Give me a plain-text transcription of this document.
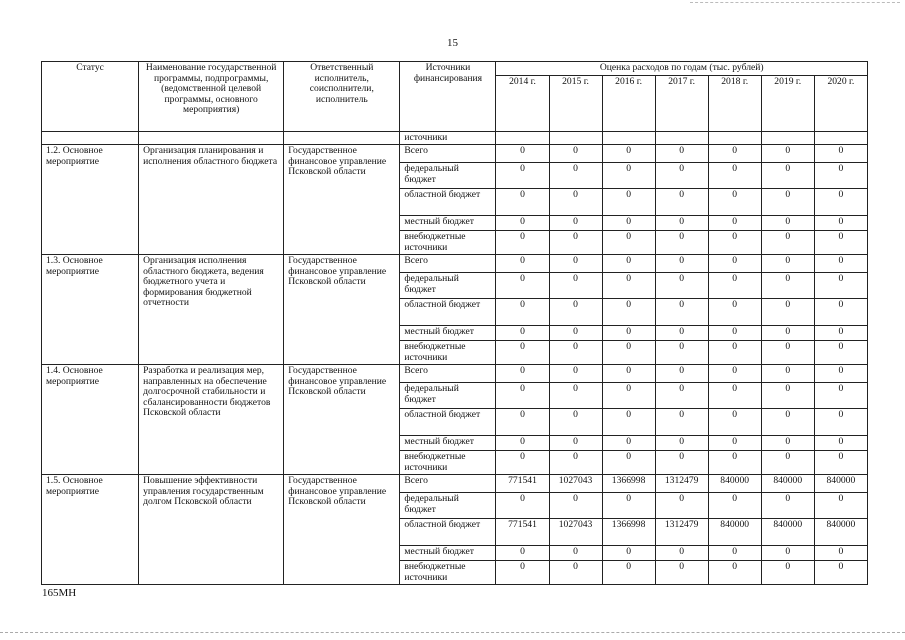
15
Статус	Наименование государственной программы, подпрограммы, (ведомственной целевой программы, основного мероприятия)	Ответственный исполнитель, соисполнители, исполнитель	Источники финансирования	Оценка расходов по годам (тыс. рублей)						
				2014 г.	2015 г.	2016 г.	2017 г.	2018 г.	2019 г.	2020 г.
			источники							
1.2. Основное мероприятие	Организация планирования и исполнения областного бюджета	Государственное финансовое управление Псковской области	Всего	0	0	0	0	0	0	0
			федеральный бюджет	0	0	0	0	0	0	0
			областной бюджет	0	0	0	0	0	0	0
			местный бюджет	0	0	0	0	0	0	0
			внебюджетные источники	0	0	0	0	0	0	0
1.3. Основное мероприятие	Организация исполнения областного бюджета, ведения бюджетного учета и формирования бюджетной отчетности	Государственное финансовое управление Псковской области	Всего	0	0	0	0	0	0	0
			федеральный бюджет	0	0	0	0	0	0	0
			областной бюджет	0	0	0	0	0	0	0
			местный бюджет	0	0	0	0	0	0	0
			внебюджетные источники	0	0	0	0	0	0	0
1.4. Основное мероприятие	Разработка и реализация мер, направленных на обеспечение долгосрочной стабильности и сбалансированности бюджетов Псковской области	Государственное финансовое управление Псковской области	Всего	0	0	0	0	0	0	0
			федеральный бюджет	0	0	0	0	0	0	0
			областной бюджет	0	0	0	0	0	0	0
			местный бюджет	0	0	0	0	0	0	0
			внебюджетные источники	0	0	0	0	0	0	0
1.5. Основное мероприятие	Повышение эффективности управления государственным долгом Псковской области	Государственное финансовое управление Псковской области	Всего	771541	1027043	1366998	1312479	840000	840000	840000
			федеральный бюджет	0	0	0	0	0	0	0
			областной бюджет	771541	1027043	1366998	1312479	840000	840000	840000
			местный бюджет	0	0	0	0	0	0	0
			внебюджетные источники	0	0	0	0	0	0	0
165МН
